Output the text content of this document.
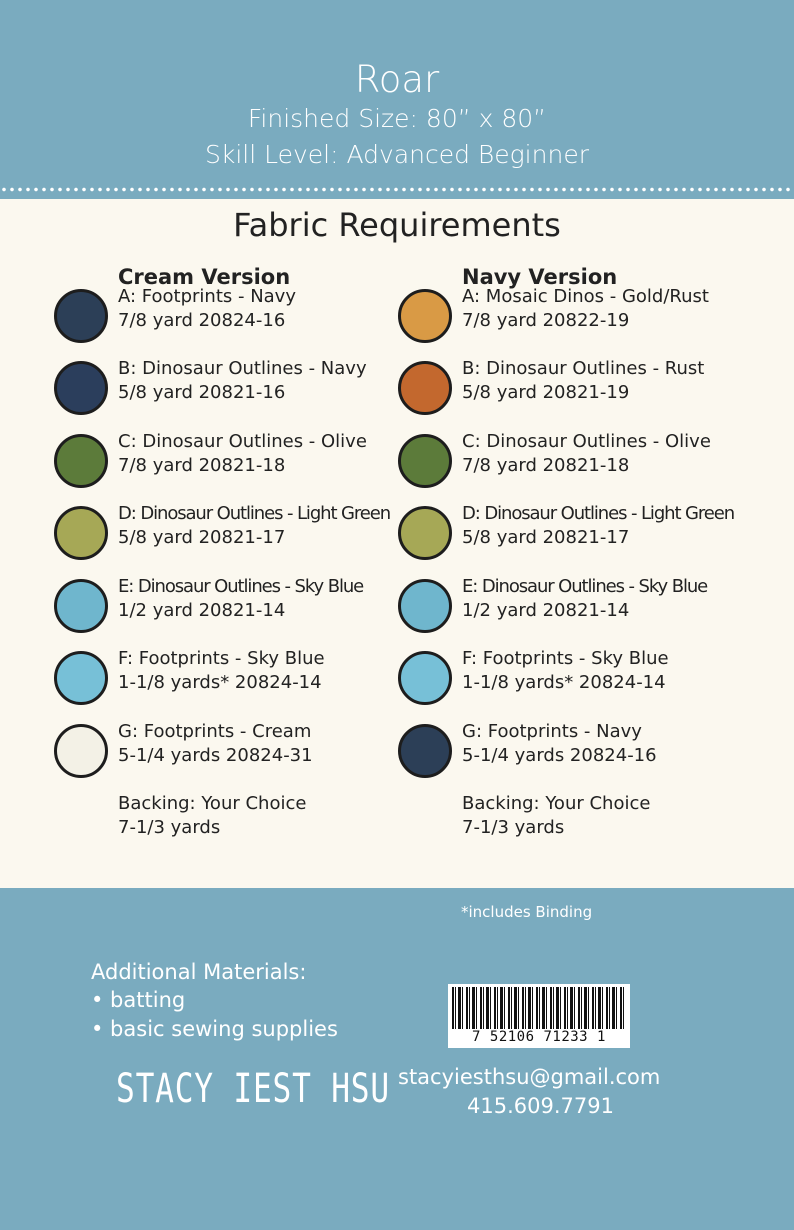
Roar
Finished Size: 80” x 80”
Skill Level: Advanced Beginner
Fabric Requirements
Cream Version
A: Footprints - Navy
7/8 yard 20824-16
B: Dinosaur Outlines - Navy
5/8 yard 20821-16
C: Dinosaur Outlines - Olive
7/8 yard 20821-18
D: Dinosaur Outlines - Light Green
5/8 yard 20821-17
E: Dinosaur Outlines - Sky Blue
1/2 yard 20821-14
F: Footprints - Sky Blue
1-1/8 yards* 20824-14
G: Footprints - Cream
5-1/4 yards 20824-31
Backing: Your Choice
7-1/3 yards
Navy Version
A: Mosaic Dinos - Gold/Rust
7/8 yard 20822-19
B: Dinosaur Outlines - Rust
5/8 yard 20821-19
C: Dinosaur Outlines - Olive
7/8 yard 20821-18
D: Dinosaur Outlines - Light Green
5/8 yard 20821-17
E: Dinosaur Outlines - Sky Blue
1/2 yard 20821-14
F: Footprints - Sky Blue
1-1/8 yards* 20824-14
G: Footprints - Navy
5-1/4 yards 20824-16
Backing: Your Choice
7-1/3 yards
*includes Binding
Additional Materials:
• batting
• basic sewing supplies	7 52106 71233 1
STACY IEST HSU stacyiesthsu@gmail.com
415.609.7791
